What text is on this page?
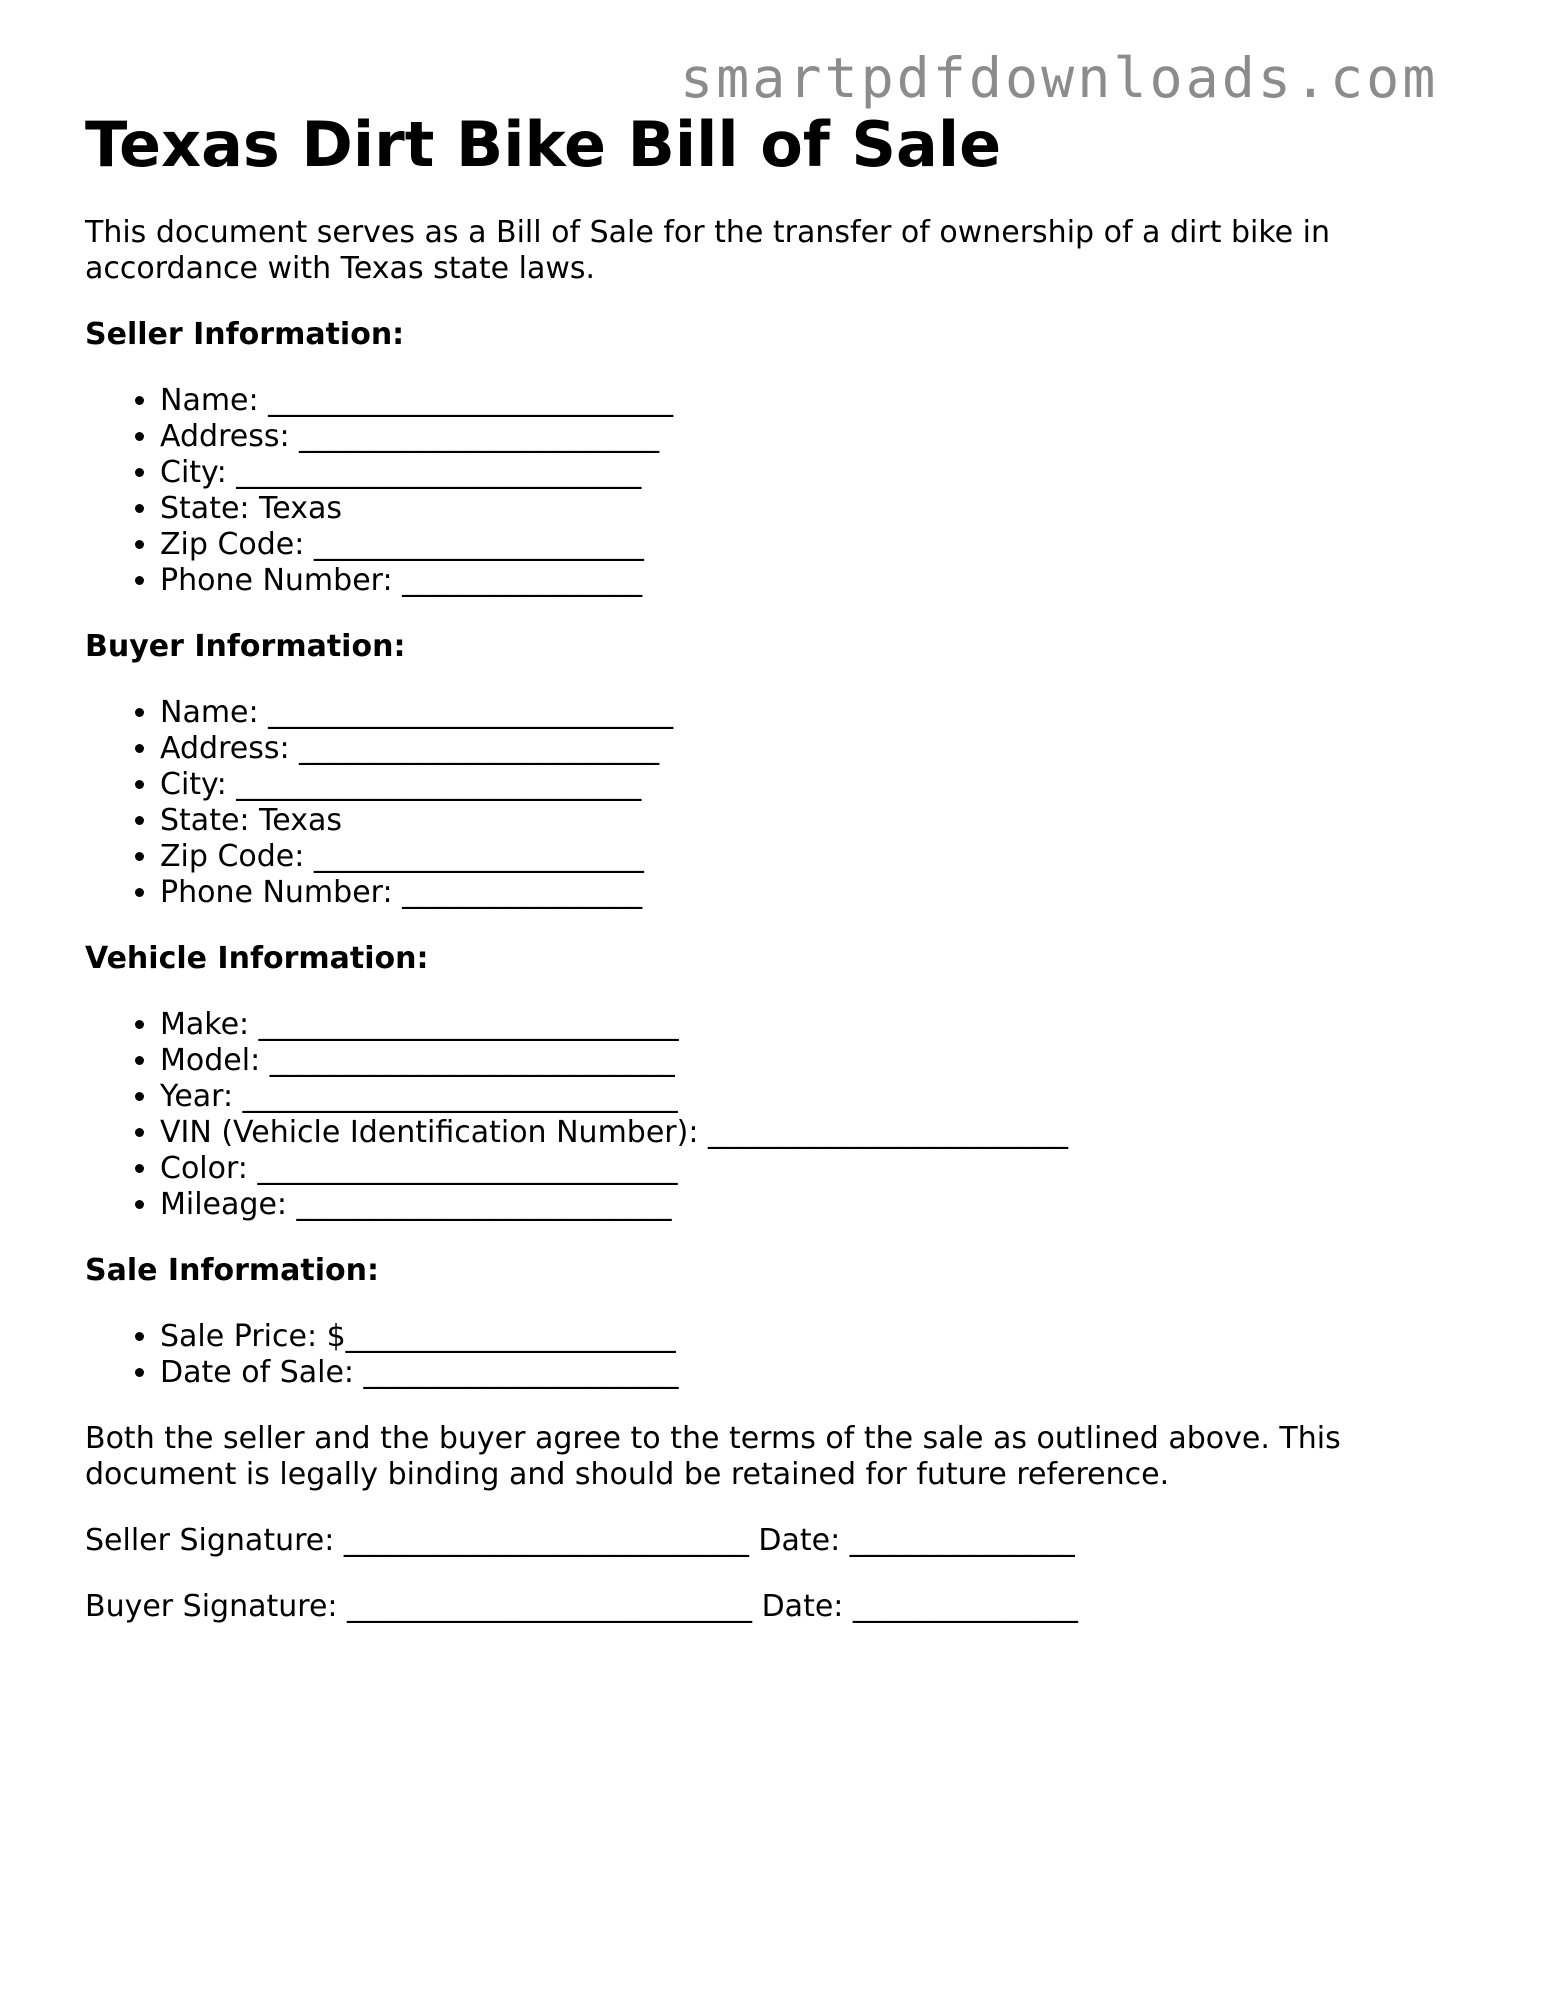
smartpdfdownloads.com
Texas Dirt Bike Bill of Sale

This document serves as a Bill of Sale for the transfer of ownership of a dirt bike in accordance with Texas state laws.

Seller Information:
• Name: ___________________________
• Address: ________________________
• City: ___________________________
• State: Texas
• Zip Code: ______________________
• Phone Number: ________________
Buyer Information:
• Name: ___________________________
• Address: ________________________
• City: ___________________________
• State: Texas
• Zip Code: ______________________
• Phone Number: ________________
Vehicle Information:
• Make: ____________________________
• Model: ___________________________
• Year: _____________________________
• VIN (Vehicle Identification Number): ________________________
• Color: ____________________________
• Mileage: _________________________
Sale Information:
• Sale Price: $______________________
• Date of Sale: _____________________

Both the seller and the buyer agree to the terms of the sale as outlined above. This document is legally binding and should be retained for future reference.

Seller Signature: ___________________________ Date: _______________
Buyer Signature: ___________________________ Date: _______________
